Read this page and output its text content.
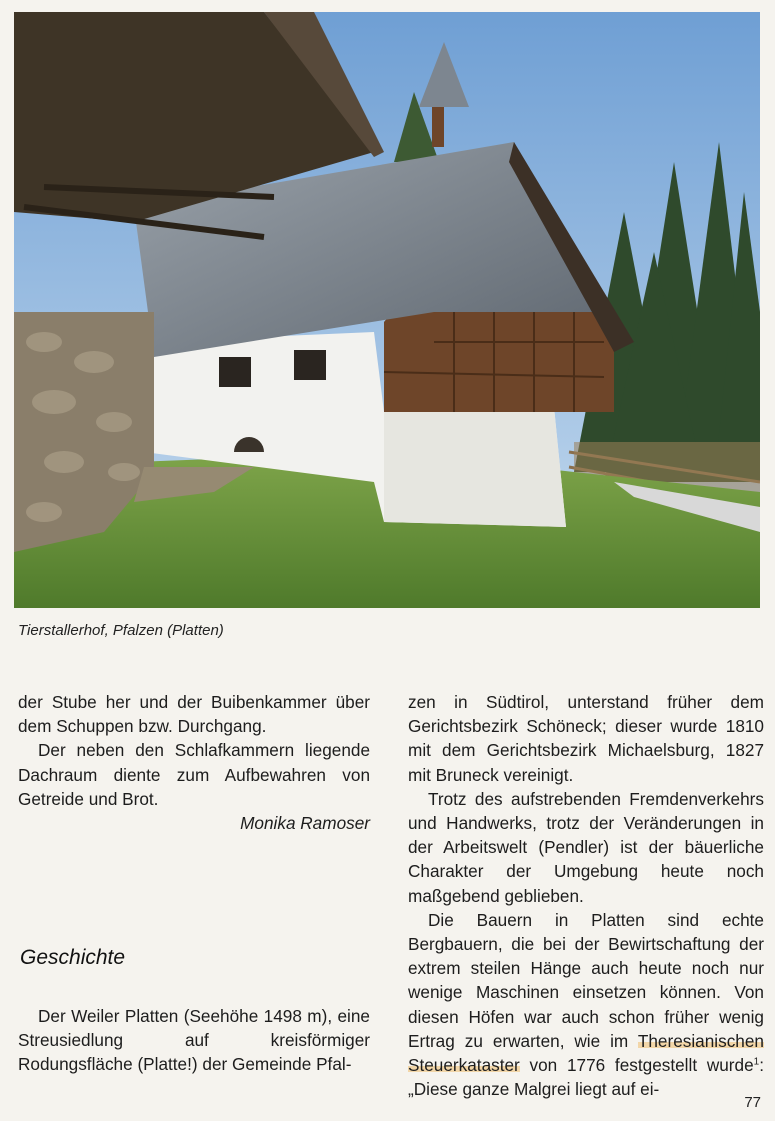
Tierstallerhof, Pfalzen (Platten)

der Stube her und der Buibenkammer über dem Schuppen bzw. Durchgang.

Der neben den Schlafkammern liegende Dachraum diente zum Aufbewahren von Getreide und Brot.

Monika Ramoser

Geschichte

Der Weiler Platten (Seehöhe 1498 m), eine Streusiedlung auf kreisförmiger Rodungsfläche (Platte!) der Gemeinde Pfal-

zen in Südtirol, unterstand früher dem Gerichtsbezirk Schöneck; dieser wurde 1810 mit dem Gerichtsbezirk Michaelsburg, 1827 mit Bruneck vereinigt.

Trotz des aufstrebenden Fremdenverkehrs und Handwerks, trotz der Veränderungen in der Arbeitswelt (Pendler) ist der bäuerliche Charakter der Umgebung heute noch maßgebend geblieben.

Die Bauern in Platten sind echte Bergbauern, die bei der Bewirtschaftung der extrem steilen Hänge auch heute noch nur wenige Maschinen einsetzen können. Von diesen Höfen war auch schon früher wenig Ertrag zu erwarten, wie im Theresianischen Steuerkataster von 1776 festgestellt wurde$^1$: „Diese ganze Malgrei liegt auf ei-

77
